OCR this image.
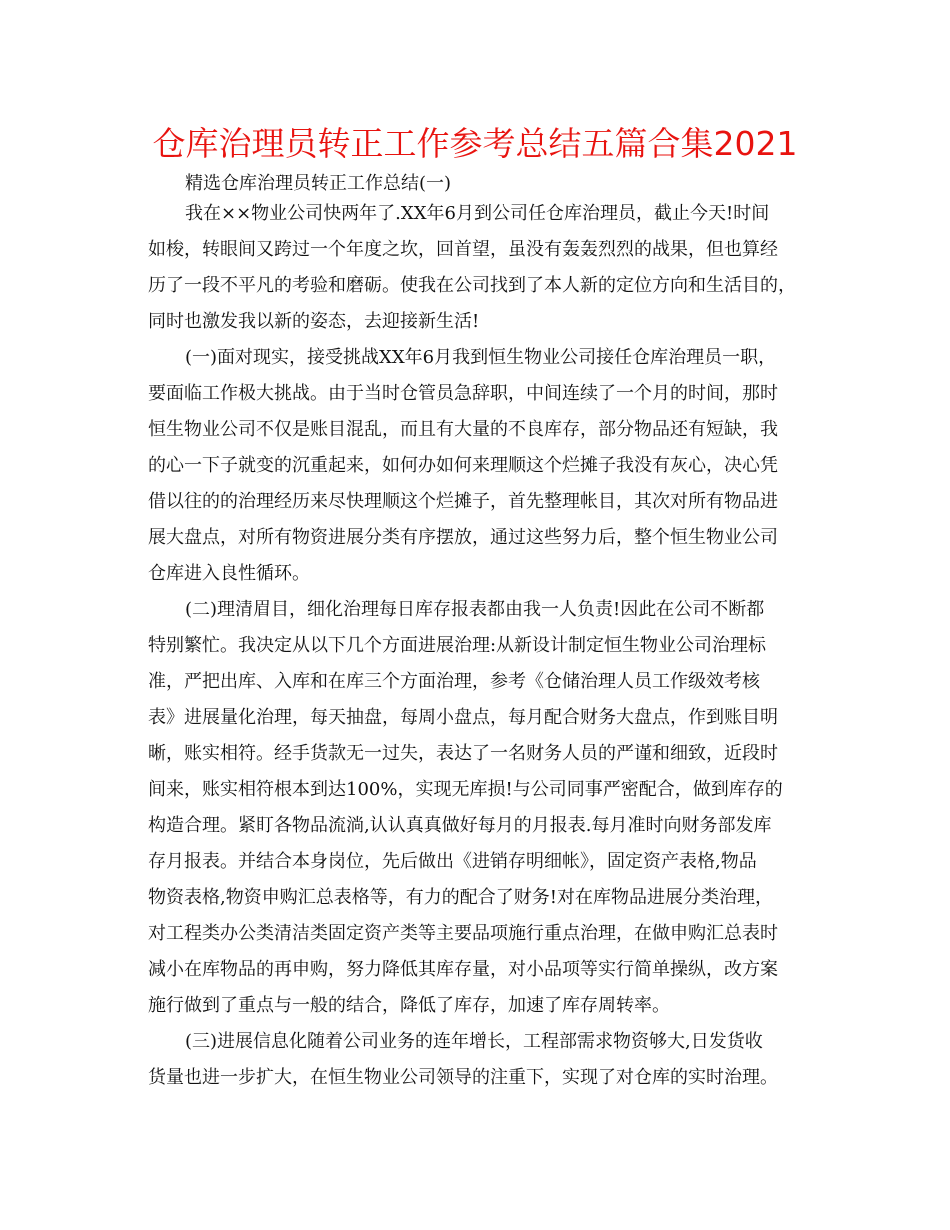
仓库治理员转正工作参考总结五篇合集2021
精选仓库治理员转正工作总结(一)
我在××物业公司快两年了.XX年6月到公司任仓库治理员，截止今天!时间
如梭，转眼间又跨过一个年度之坎，回首望，虽没有轰轰烈烈的战果，但也算经
历了一段不平凡的考验和磨砺。使我在公司找到了本人新的定位方向和生活目的，
同时也激发我以新的姿态，去迎接新生活!
(一)面对现实，接受挑战XX年6月我到恒生物业公司接任仓库治理员一职，
要面临工作极大挑战。由于当时仓管员急辞职，中间连续了一个月的时间，那时
恒生物业公司不仅是账目混乱，而且有大量的不良库存，部分物品还有短缺，我
的心一下子就变的沉重起来，如何办如何来理顺这个烂摊子我没有灰心，决心凭
借以往的的治理经历来尽快理顺这个烂摊子，首先整理帐目，其次对所有物品进
展大盘点，对所有物资进展分类有序摆放，通过这些努力后，整个恒生物业公司
仓库进入良性循环。
(二)理清眉目，细化治理每日库存报表都由我一人负责!因此在公司不断都
特别繁忙。我决定从以下几个方面进展治理:从新设计制定恒生物业公司治理标
准，严把出库、入库和在库三个方面治理，参考《仓储治理人员工作级效考核
表》进展量化治理，每天抽盘，每周小盘点，每月配合财务大盘点，作到账目明
晰，账实相符。经手货款无一过失，表达了一名财务人员的严谨和细致，近段时
间来，账实相符根本到达100%，实现无库损!与公司同事严密配合，做到库存的
构造合理。紧盯各物品流淌,认认真真做好每月的月报表.每月准时向财务部发库
存月报表。并结合本身岗位，先后做出《进销存明细帐》，固定资产表格,物品
物资表格,物资申购汇总表格等，有力的配合了财务!对在库物品进展分类治理，
对工程类办公类清洁类固定资产类等主要品项施行重点治理，在做申购汇总表时
减小在库物品的再申购，努力降低其库存量，对小品项等实行简单操纵，改方案
施行做到了重点与一般的结合，降低了库存，加速了库存周转率。
(三)进展信息化随着公司业务的连年增长，工程部需求物资够大,日发货收
货量也进一步扩大，在恒生物业公司领导的注重下，实现了对仓库的实时治理。
